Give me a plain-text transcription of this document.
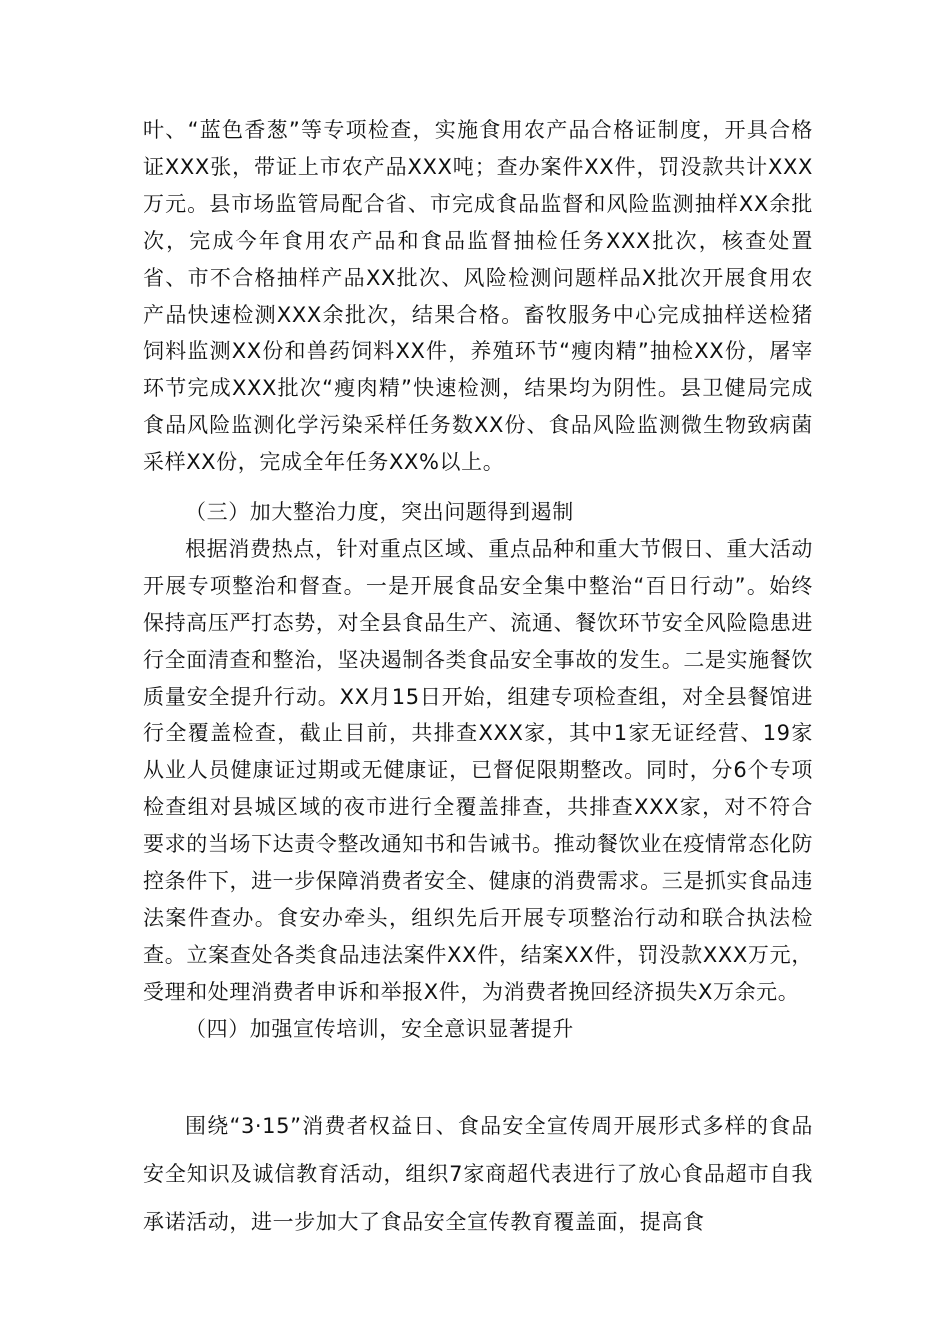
叶、“蓝色香葱”等专项检查，实施食用农产品合格证制度，开具合格证XXX张，带证上市农产品XXX吨；查办案件XX件，罚没款共计XXX万元。县市场监管局配合省、市完成食品监督和风险监测抽样XX余批次，完成今年食用农产品和食品监督抽检任务XXX批次，核查处置省、市不合格抽样产品XX批次、风险检测问题样品X批次开展食用农产品快速检测XXX余批次，结果合格。畜牧服务中心完成抽样送检猪饲料监测XX份和兽药饲料XX件，养殖环节“瘦肉精”抽检XX份，屠宰环节完成XXX批次“瘦肉精”快速检测，结果均为阴性。县卫健局完成食品风险监测化学污染采样任务数XX份、食品风险监测微生物致病菌采样XX份，完成全年任务XX%以上。

（三）加大整治力度，突出问题得到遏制

根据消费热点，针对重点区域、重点品种和重大节假日、重大活动开展专项整治和督查。一是开展食品安全集中整治“百日行动”。始终保持高压严打态势，对全县食品生产、流通、餐饮环节安全风险隐患进行全面清查和整治，坚决遏制各类食品安全事故的发生。二是实施餐饮质量安全提升行动。XX月15日开始，组建专项检查组，对全县餐馆进行全覆盖检查，截止目前，共排查XXX家，其中1家无证经营、19家从业人员健康证过期或无健康证，已督促限期整改。同时，分6个专项检查组对县城区域的夜市进行全覆盖排查，共排查XXX家，对不符合要求的当场下达责令整改通知书和告诫书。推动餐饮业在疫情常态化防控条件下，进一步保障消费者安全、健康的消费需求。三是抓实食品违法案件查办。食安办牵头，组织先后开展专项整治行动和联合执法检查。立案查处各类食品违法案件XX件，结案XX件，罚没款XXX万元，受理和处理消费者申诉和举报X件，为消费者挽回经济损失X万余元。

（四）加强宣传培训，安全意识显著提升

围绕“3·15”消费者权益日、食品安全宣传周开展形式多样的食品安全知识及诚信教育活动，组织7家商超代表进行了放心食品超市自我承诺活动，进一步加大了食品安全宣传教育覆盖面，提高食
